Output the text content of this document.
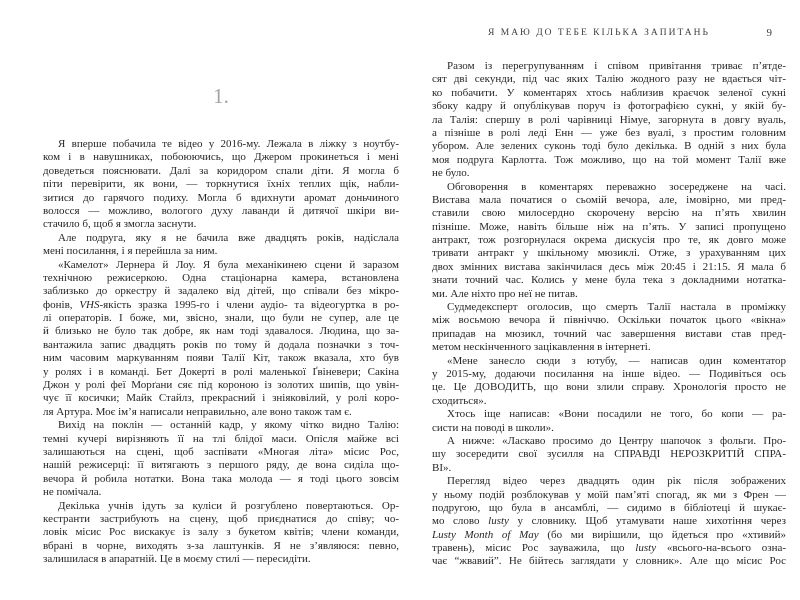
1.
Я вперше побачила те відео у 2016-му. Лежала в ліжку з ноутбу-
ком і в навушниках, побоюючись, що Джером прокинеться і мені
доведеться пояснювати. Далі за коридором спали діти. Я могла б
піти перевірити, як вони, — торкнутися їхніх теплих щік, набли-
зитися до гарячого подиху. Могла б вдихнути аромат доньчиного
волосся — можливо, вологого духу лаванди й дитячої шкіри ви-
стачило б, щоб я змогла заснути.
Але подруга, яку я не бачила вже двадцять років, надіслала
мені посилання, і я перейшла за ним.
«Камелот» Лернера й Лоу. Я була механікинею сцени й заразом
технічною режисеркою. Одна стаціонарна камера, встановлена
заблизько до оркестру й задалеко від дітей, що співали без мікро-
фонів, VHS-якість зразка 1995-го і члени аудіо- та відеогуртка в ро-
лі операторів. І боже, ми, звісно, знали, що були не супер, але це
й близько не було так добре, як нам тоді здавалося. Людина, що за-
вантажила запис двадцять років по тому й додала позначки з точ-
ним часовим маркуванням появи Талії Кіт, також вказала, хто був
у ролях і в команді. Бет Докерті в ролі маленької Ґвіневери; Сакіна
Джон у ролі феї Морґани сяє під короною із золотих шипів, що увін-
чує її косички; Майк Стайлз, прекрасний і зніяковілий, у ролі коро-
ля Артура. Моє ім’я написали неправильно, але воно також там є.
Вихід на поклін — останній кадр, у якому чітко видно Талію:
темні кучері вирізняють її на тлі блідої маси. Опісля майже всі
залишаються на сцені, щоб заспівати «Многая літа» місис Рос,
нашій режисерці: її витягають з першого ряду, де вона сиділа що-
вечора й робила нотатки. Вона така молода — я тоді цього зовсім
не помічала.
Декілька учнів ідуть за куліси й розгублено повертаються. Ор-
кестранти застрибують на сцену, щоб приєднатися до співу; чо-
ловік місис Рос вискакує із залу з букетом квітів; члени команди,
вбрані в чорне, виходять з-за лаштунків. Я не з’являюся: певно,
залишилася в апаратній. Це в моєму стилі — пересидіти.
Я МАЮ ДО ТЕБЕ КІЛЬКА ЗАПИТАНЬ	9
Разом із перегрупуванням і співом привітання триває п’ятде-
сят дві секунди, під час яких Талію жодного разу не вдається чіт-
ко побачити. У коментарях хтось наблизив краєчок зеленої сукні
збоку кадру й опублікував поруч із фотографією сукні, у якій бу-
ла Талія: спершу в ролі чарівниці Німуе, загорнута в довгу вуаль,
а пізніше в ролі леді Енн — уже без вуалі, з простим головним
убором. Але зелених суконь тоді було декілька. В одній з них була
моя подруга Карлотта. Тож можливо, що на той момент Талії вже
не було.
Обговорення в коментарях переважно зосереджене на часі.
Вистава мала початися о сьомій вечора, але, імовірно, ми пред-
ставили свою милосердно скорочену версію на п’ять хвилин
пізніше. Може, навіть більше ніж на п’ять. У записі пропущено
антракт, тож розгорнулася окрема дискусія про те, як довго може
тривати антракт у шкільному мюзиклі. Отже, з урахуванням цих
двох змінних вистава закінчилася десь між 20:45 і 21:15. Я мала б
знати точний час. Колись у мене була тека з докладними нотатка-
ми. Але ніхто про неї не питав.
Судмедексперт оголосив, що смерть Талії настала в проміжку
між восьмою вечора й північчю. Оскільки початок цього «вікна»
припадав на мюзикл, точний час завершення вистави став пред-
метом нескінченного зацікавлення в інтернеті.
«Мене занесло сюди з ютубу, — написав один коментатор
у 2015-му, додаючи посилання на інше відео. — Подивіться ось
це. Це ДОВОДИТЬ, що вони злили справу. Хронологія просто не
сходиться».
Хтось іще написав: «Вони посадили не того, бо копи — ра-
систи на поводі в школи».
А нижче: «Ласкаво просимо до Центру шапочок з фольги. Про-
шу зосередити свої зусилля на СПРАВДІ НЕРОЗКРИТІЙ СПРА-
ВІ».
Перегляд відео через двадцять один рік після зображених
у ньому подій розблокував у моїй пам’яті спогад, як ми з Френ —
подругою, що була в ансамблі, — сидимо в бібліотеці й шукає-
мо слово lusty у словнику. Щоб утамувати наше хихотіння через
Lusty Month of May (бо ми вирішили, що йдеться про «хтивий»
травень), місис Рос зауважила, що lusty «всього-на-всього озна-
чає “жвавий”. Не бійтесь заглядати у словник». Але що місис Рос
